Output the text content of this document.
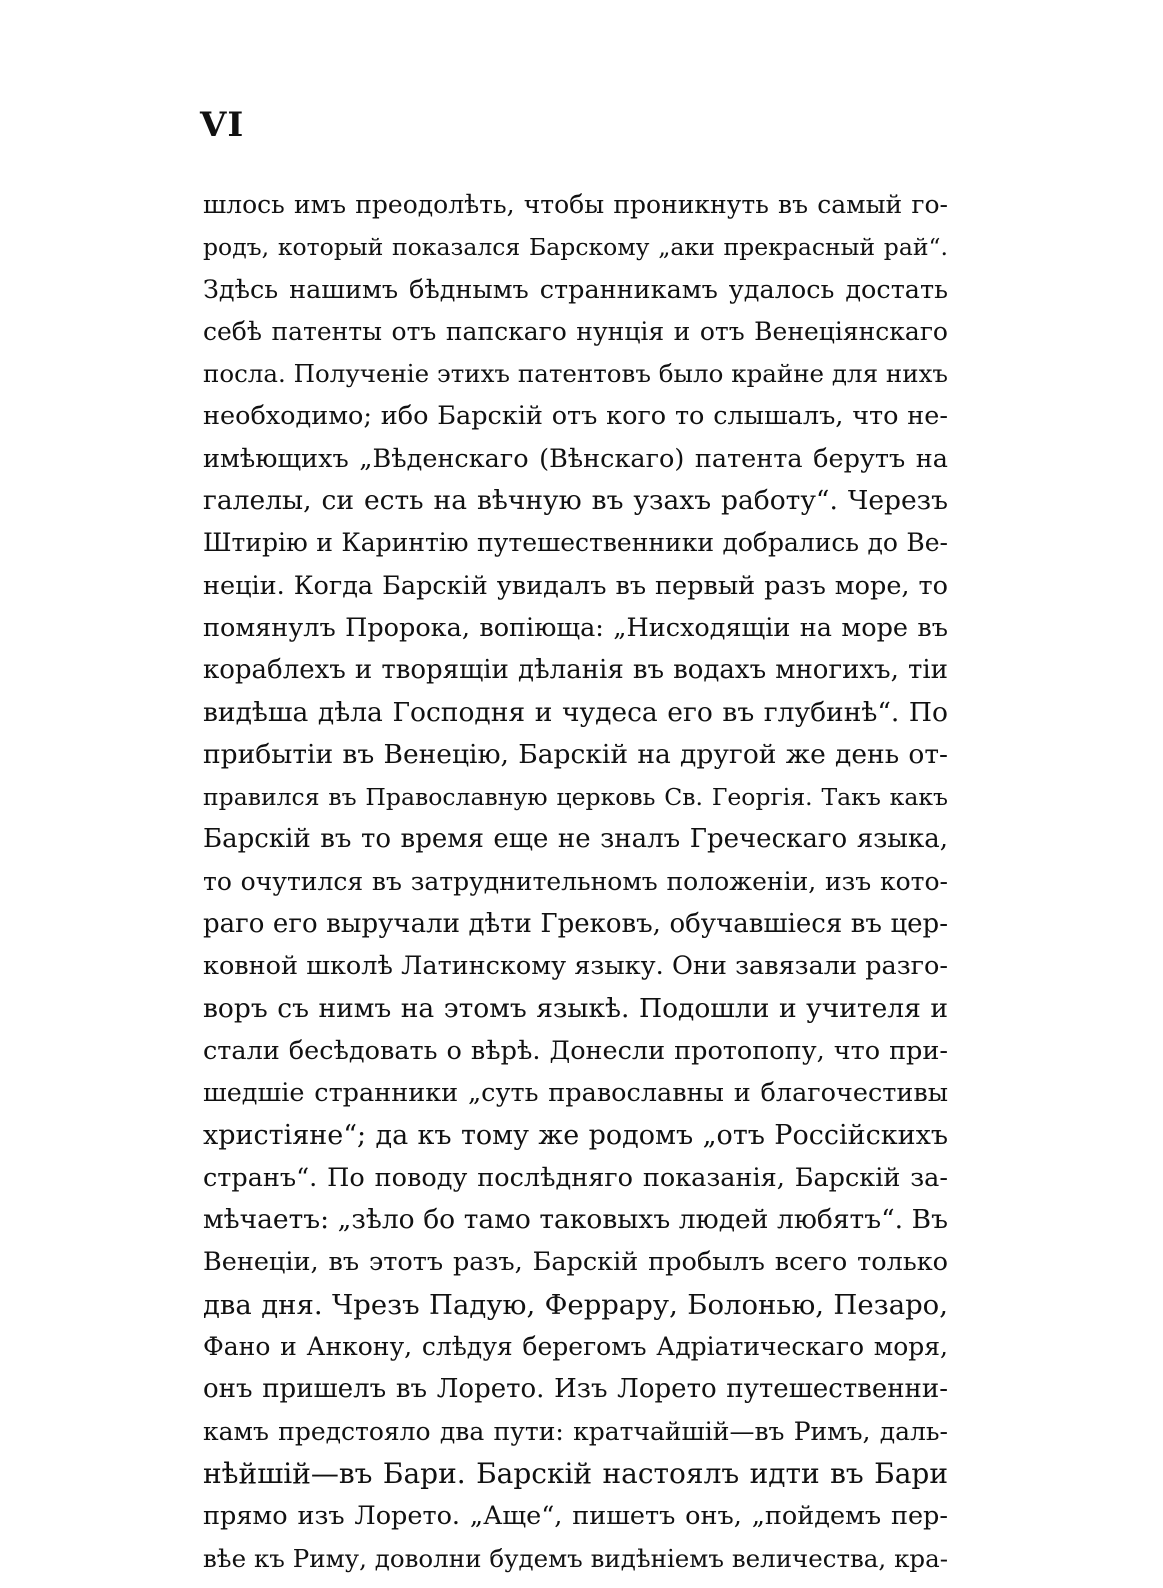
VI
шлось имъ преодолѣть, чтобы проникнуть въ самый го-
родъ, который показался Барскому „аки прекрасный рай“.
Здѣсь нашимъ бѣднымъ странникамъ удалось достать
себѣ патенты отъ папскаго нунція и отъ Венеціянскаго
посла. Полученіе этихъ патентовъ было крайне для нихъ
необходимо; ибо Барскій отъ кого то слышалъ, что не-
имѣющихъ „Вѣденскаго (Вѣнскаго) патента берутъ на
галелы, си есть на вѣчную въ узахъ работу“. Черезъ
Штирію и Каринтію путешественники добрались до Ве-
неціи. Когда Барскій увидалъ въ первый разъ море, то
помянулъ Пророка, вопіюща: „Нисходящіи на море въ
кораблехъ и творящіи дѣланія въ водахъ многихъ, тіи
видѣша дѣла Господня и чудеса его въ глубинѣ“. По
прибытіи въ Венецію, Барскій на другой же день от-
правился въ Православную церковь Св. Георгія. Такъ какъ
Барскій въ то время еще не зналъ Греческаго языка,
то очутился въ затруднительномъ положеніи, изъ кото-
раго его выручали дѣти Грековъ, обучавшіеся въ цер-
ковной школѣ Латинскому языку. Они завязали разго-
воръ съ нимъ на этомъ языкѣ. Подошли и учителя и
стали бесѣдовать о вѣрѣ. Донесли протопопу, что при-
шедшіе странники „суть православны и благочестивы
христіяне“; да къ тому же родомъ „отъ Россійскихъ
странъ“. По поводу послѣдняго показанія, Барскій за-
мѣчаетъ: „зѣло бо тамо таковыхъ людей любятъ“. Въ
Венеціи, въ этотъ разъ, Барскій пробылъ всего только
два дня. Чрезъ Падую, Феррару, Болонью, Пезаро,
Фано и Анкону, слѣдуя берегомъ Адріатическаго моря,
онъ пришелъ въ Лорето. Изъ Лорето путешественни-
камъ предстояло два пути: кратчайшій—въ Римъ, даль-
нѣйшій—въ Бари. Барскій настоялъ идти въ Бари
прямо изъ Лорето. „Аще“, пишетъ онъ, „пойдемъ пер-
вѣе къ Риму, доволни будемъ видѣніемъ величества, кра-
